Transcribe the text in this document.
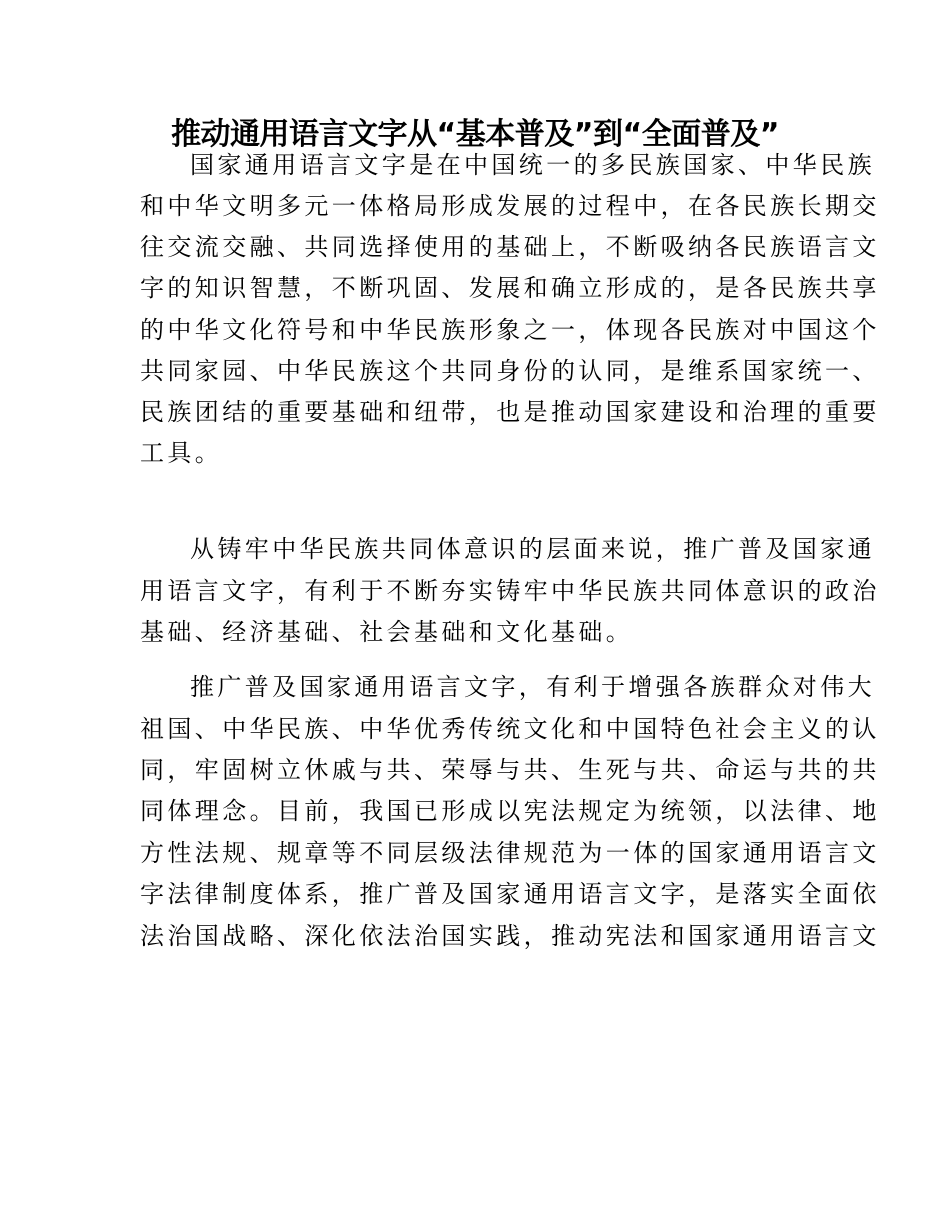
推动通用语言文字从“基本普及”到“全面普及”
国家通用语言文字是在中国统一的多民族国家、中华民族
和中华文明多元一体格局形成发展的过程中，在各民族长期交
往交流交融、共同选择使用的基础上，不断吸纳各民族语言文
字的知识智慧，不断巩固、发展和确立形成的，是各民族共享
的中华文化符号和中华民族形象之一，体现各民族对中国这个
共同家园、中华民族这个共同身份的认同，是维系国家统一、
民族团结的重要基础和纽带，也是推动国家建设和治理的重要
工具。
从铸牢中华民族共同体意识的层面来说，推广普及国家通
用语言文字，有利于不断夯实铸牢中华民族共同体意识的政治
基础、经济基础、社会基础和文化基础。
推广普及国家通用语言文字，有利于增强各族群众对伟大
祖国、中华民族、中华优秀传统文化和中国特色社会主义的认
同，牢固树立休戚与共、荣辱与共、生死与共、命运与共的共
同体理念。目前，我国已形成以宪法规定为统领，以法律、地
方性法规、规章等不同层级法律规范为一体的国家通用语言文
字法律制度体系，推广普及国家通用语言文字，是落实全面依
法治国战略、深化依法治国实践，推动宪法和国家通用语言文
